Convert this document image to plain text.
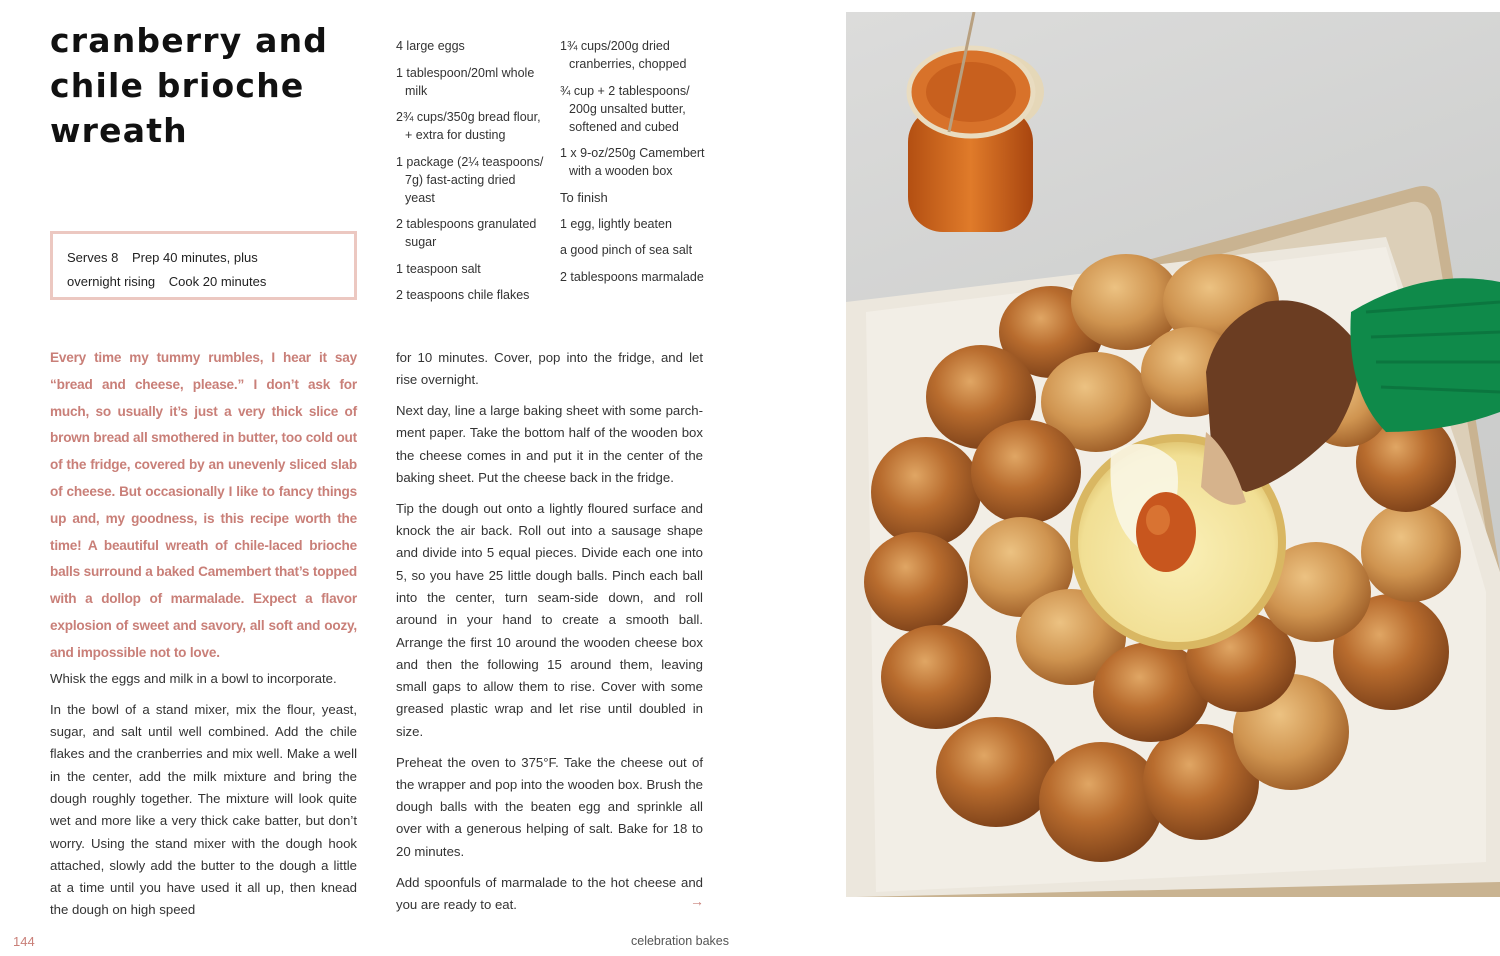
cranberry and
chile brioche
wreath
Serves 8 Prep 40 minutes, plus
overnight rising Cook 20 minutes
4 large eggs
1 tablespoon/20ml whole milk
2¾ cups/350g bread flour, + extra for dusting
1 package (2¼ teaspoons/ 7g) fast-acting dried yeast
2 tablespoons granulated sugar
1 teaspoon salt
2 teaspoons chile flakes
1¾ cups/200g dried cranberries, chopped
¾ cup + 2 tablespoons/ 200g unsalted butter, softened and cubed
1 x 9-oz/250g Camembert with a wooden box
To finish
1 egg, lightly beaten
a good pinch of sea salt
2 tablespoons marmalade

Every time my tummy rumbles, I hear it say “bread and cheese, please.” I don’t ask for much, so usually it’s just a very thick slice of brown bread all smothered in butter, too cold out of the fridge, covered by an unevenly sliced slab of cheese. But occasionally I like to fancy things up and, my goodness, is this recipe worth the time! A beautiful wreath of chile-laced brioche balls surround a baked Camembert that’s topped with a dollop of marmalade. Expect a flavor explosion of sweet and savory, all soft and oozy, and impossible not to love.

Whisk the eggs and milk in a bowl to incorporate.

In the bowl of a stand mixer, mix the flour, yeast, sugar, and salt until well combined. Add the chile flakes and the cranberries and mix well. Make a well in the center, add the milk mixture and bring the dough roughly together. The mixture will look quite wet and more like a very thick cake batter, but don’t worry. Using the stand mixer with the dough hook attached, slowly add the butter to the dough a little at a time until you have used it all up, then knead the dough on high speed

for 10 minutes. Cover, pop into the fridge, and let rise overnight.

Next day, line a large baking sheet with some parchment paper. Take the bottom half of the wooden box the cheese comes in and put it in the center of the baking sheet. Put the cheese back in the fridge.

Tip the dough out onto a lightly floured surface and knock the air back. Roll out into a sausage shape and divide into 5 equal pieces. Divide each one into 5, so you have 25 little dough balls. Pinch each ball into the center, turn seam-side down, and roll around in your hand to create a smooth ball. Arrange the first 10 around the wooden cheese box and then the following 15 around them, leaving small gaps to allow them to rise. Cover with some greased plastic wrap and let rise until doubled in size.

Preheat the oven to 375°F. Take the cheese out of the wrapper and pop into the wooden box. Brush the dough balls with the beaten egg and sprinkle all over with a generous helping of salt. Bake for 18 to 20 minutes.

Add spoonfuls of marmalade to the hot cheese and you are ready to eat.	→
144	celebration bakes
